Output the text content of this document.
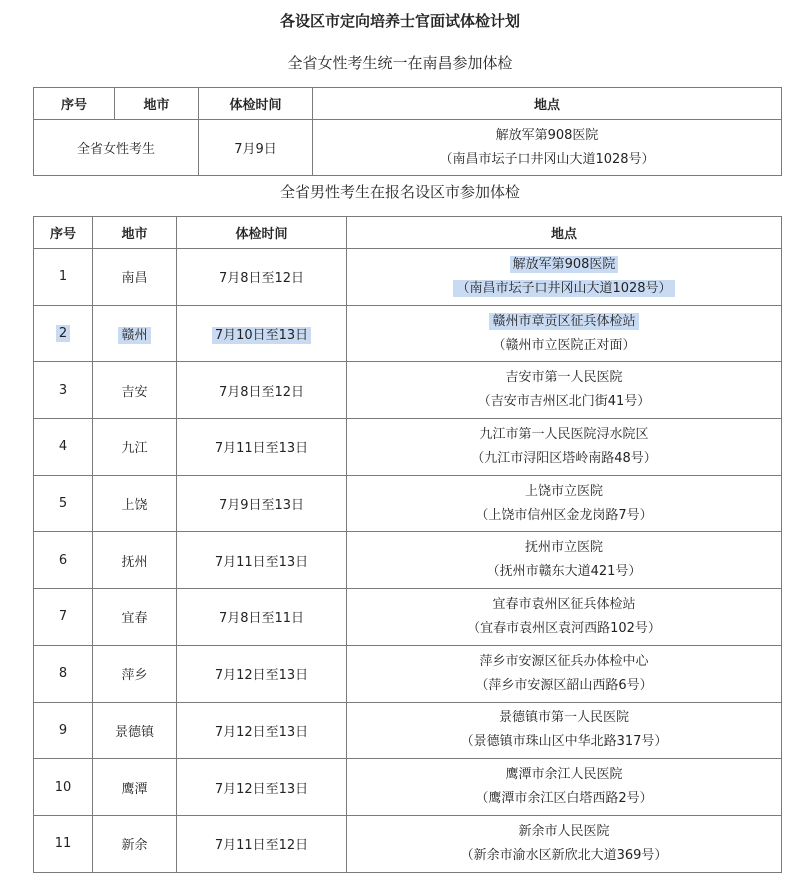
各设区市定向培养士官面试体检计划
全省女性考生统一在南昌参加体检
序号	地市	体检时间	地点
全省女性考生		7月9日	解放军第908医院
（南昌市坛子口井冈山大道1028号）
全省男性考生在报名设区市参加体检
序号	地市	体检时间	地点
1	南昌	7月8日至12日	解放军第908医院
（南昌市坛子口井冈山大道1028号）

2	赣州	7月10日至13日	赣州市章贡区征兵体检站
（赣州市立医院正对面）

3	吉安	7月8日至12日	吉安市第一人民医院
（吉安市吉州区北门街41号）

4	九江	7月11日至13日	九江市第一人民医院浔水院区
（九江市浔阳区塔岭南路48号）

5	上饶	7月9日至13日	上饶市立医院
（上饶市信州区金龙岗路7号）

6	抚州	7月11日至13日	抚州市立医院
（抚州市赣东大道421号）

7	宜春	7月8日至11日	宜春市袁州区征兵体检站
（宜春市袁州区袁河西路102号）

8	萍乡	7月12日至13日	萍乡市安源区征兵办体检中心
（萍乡市安源区韶山西路6号）

9	景德镇	7月12日至13日	景德镇市第一人民医院
（景德镇市珠山区中华北路317号）

10	鹰潭	7月12日至13日	鹰潭市余江人民医院
（鹰潭市余江区白塔西路2号）

11	新余	7月11日至12日	新余市人民医院
（新余市渝水区新欣北大道369号）
